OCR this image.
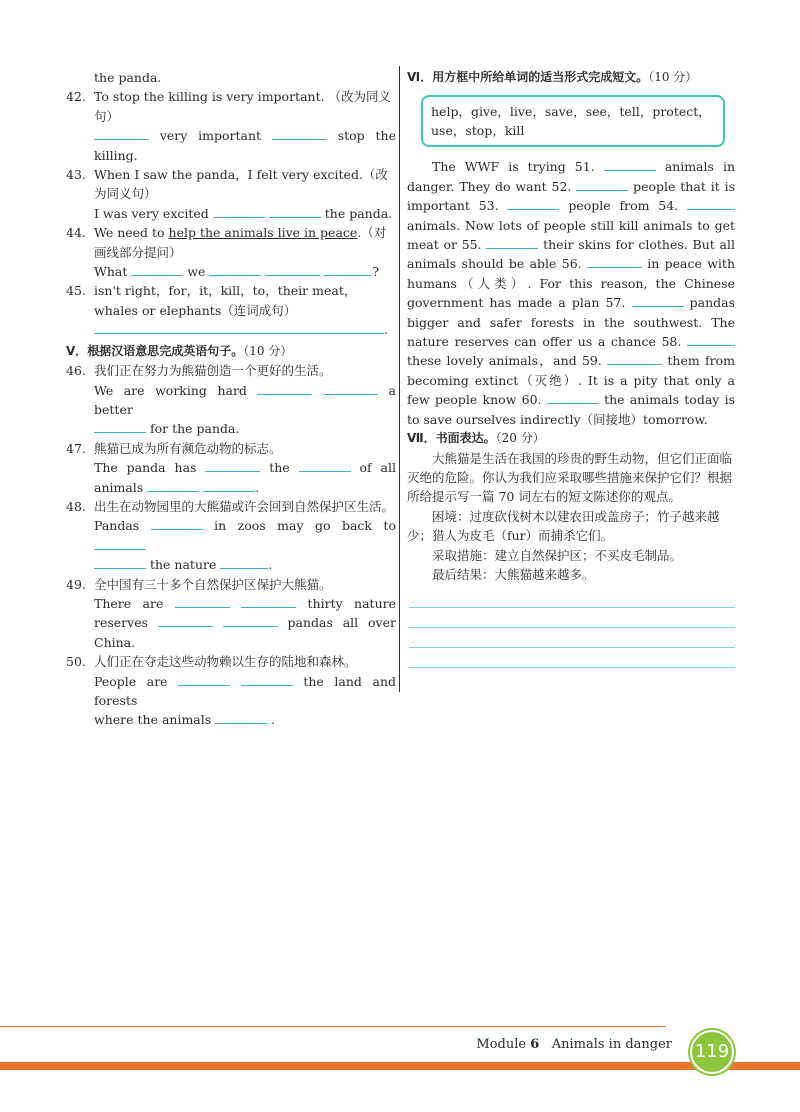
the panda.
42. To stop the killing is very important. （改为同义句）
very important	stop the
killing.
43. When I saw the panda，I felt very excited.（改为同义句）
I was very excited	the panda.
44. We need to help the animals live in peace.（对画线部分提问）
What	we	?
45. isn't right，for，it，kill，to，their meat，whales or elephants（连词成句）
.
Ⅴ．根据汉语意思完成英语句子。（10 分）
46. 我们正在努力为熊猫创造一个更好的生活。
We are working hard	a better
for the panda.
47. 熊猫已成为所有濒危动物的标志。
The panda has	the	of all
animals	.
48. 出生在动物园里的大熊猫或许会回到自然保护区生活。
Pandas	in zoos may go back to
the nature	.
49. 全中国有三十多个自然保护区保护大熊猫。
There are	thirty nature
reserves	pandas all over
China.
50. 人们正在夺走这些动物赖以生存的陆地和森林。
People are	the land and forests
where the animals	.
Ⅵ．用方框中所给单词的适当形式完成短文。（10 分）
help，give，live，save，see，tell，protect，use，stop，kill
The WWF is trying 51.	animals in danger. They do want 52.	people that it is important 53.	people from 54.  animals. Now lots of people still kill animals to get meat or 55.	their skins for clothes. But all animals should be able 56.	in peace with humans（人类）. For this reason, the Chinese government has made a plan 57.	pandas bigger and safer forests in the southwest. The nature reserves can offer us a chance 58.  these lovely animals，and 59.	them from becoming extinct（灭绝）. It is a pity that only a few people know 60.	the animals today is to save ourselves indirectly（间接地）tomorrow.
Ⅶ．书面表达。（20 分）
大熊猫是生活在我国的珍贵的野生动物，但它们正面临灭绝的危险。你认为我们应采取哪些措施来保护它们？根据所给提示写一篇 70 词左右的短文陈述你的观点。
困境：过度砍伐树木以建农田或盖房子；竹子越来越少；猎人为皮毛（fur）而捕杀它们。
采取措施：建立自然保护区；不买皮毛制品。
最后结果：大熊猫越来越多。
Module 6 Animals in danger 119
